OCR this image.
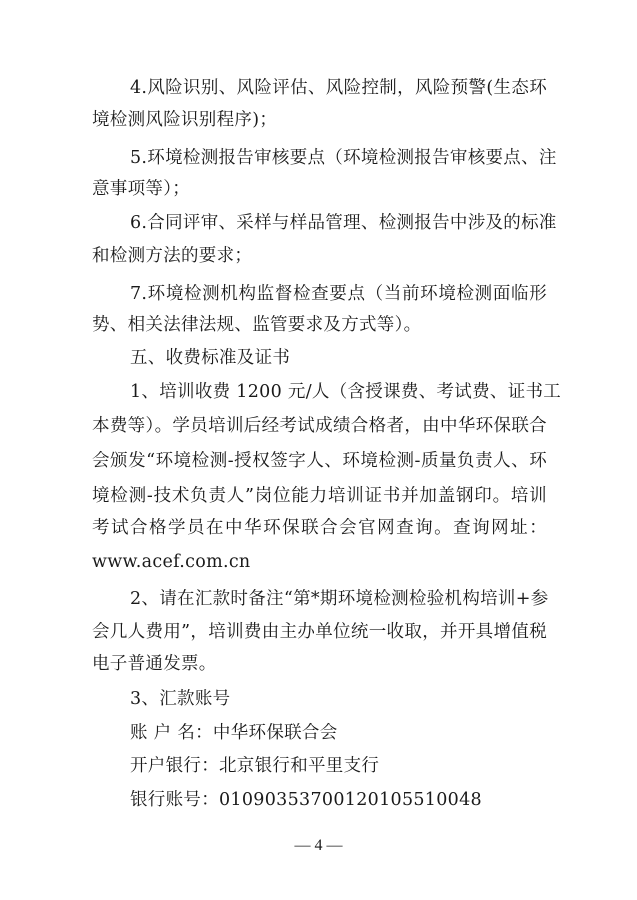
4.风险识别、风险评估、风险控制，风险预警(生态环
境检测风险识别程序)；
5.环境检测报告审核要点（环境检测报告审核要点、注
意事项等）；
6.合同评审、采样与样品管理、检测报告中涉及的标准
和检测方法的要求；
7.环境检测机构监督检查要点（当前环境检测面临形
势、相关法律法规、监管要求及方式等）。
五、收费标准及证书
1、培训收费 1200 元/人（含授课费、考试费、证书工
本费等）。学员培训后经考试成绩合格者，由中华环保联合
会颁发“环境检测-授权签字人、环境检测-质量负责人、环
境检测-技术负责人”岗位能力培训证书并加盖钢印。培训
考试合格学员在中华环保联合会官网查询。查询网址：
www.acef.com.cn
2、请在汇款时备注“第*期环境检测检验机构培训+参
会几人费用”，培训费由主办单位统一收取，并开具增值税
电子普通发票。
3、汇款账号
账 户 名：中华环保联合会
开户银行：北京银行和平里支行
银行账号：01090353700120105510048
— 4 —
